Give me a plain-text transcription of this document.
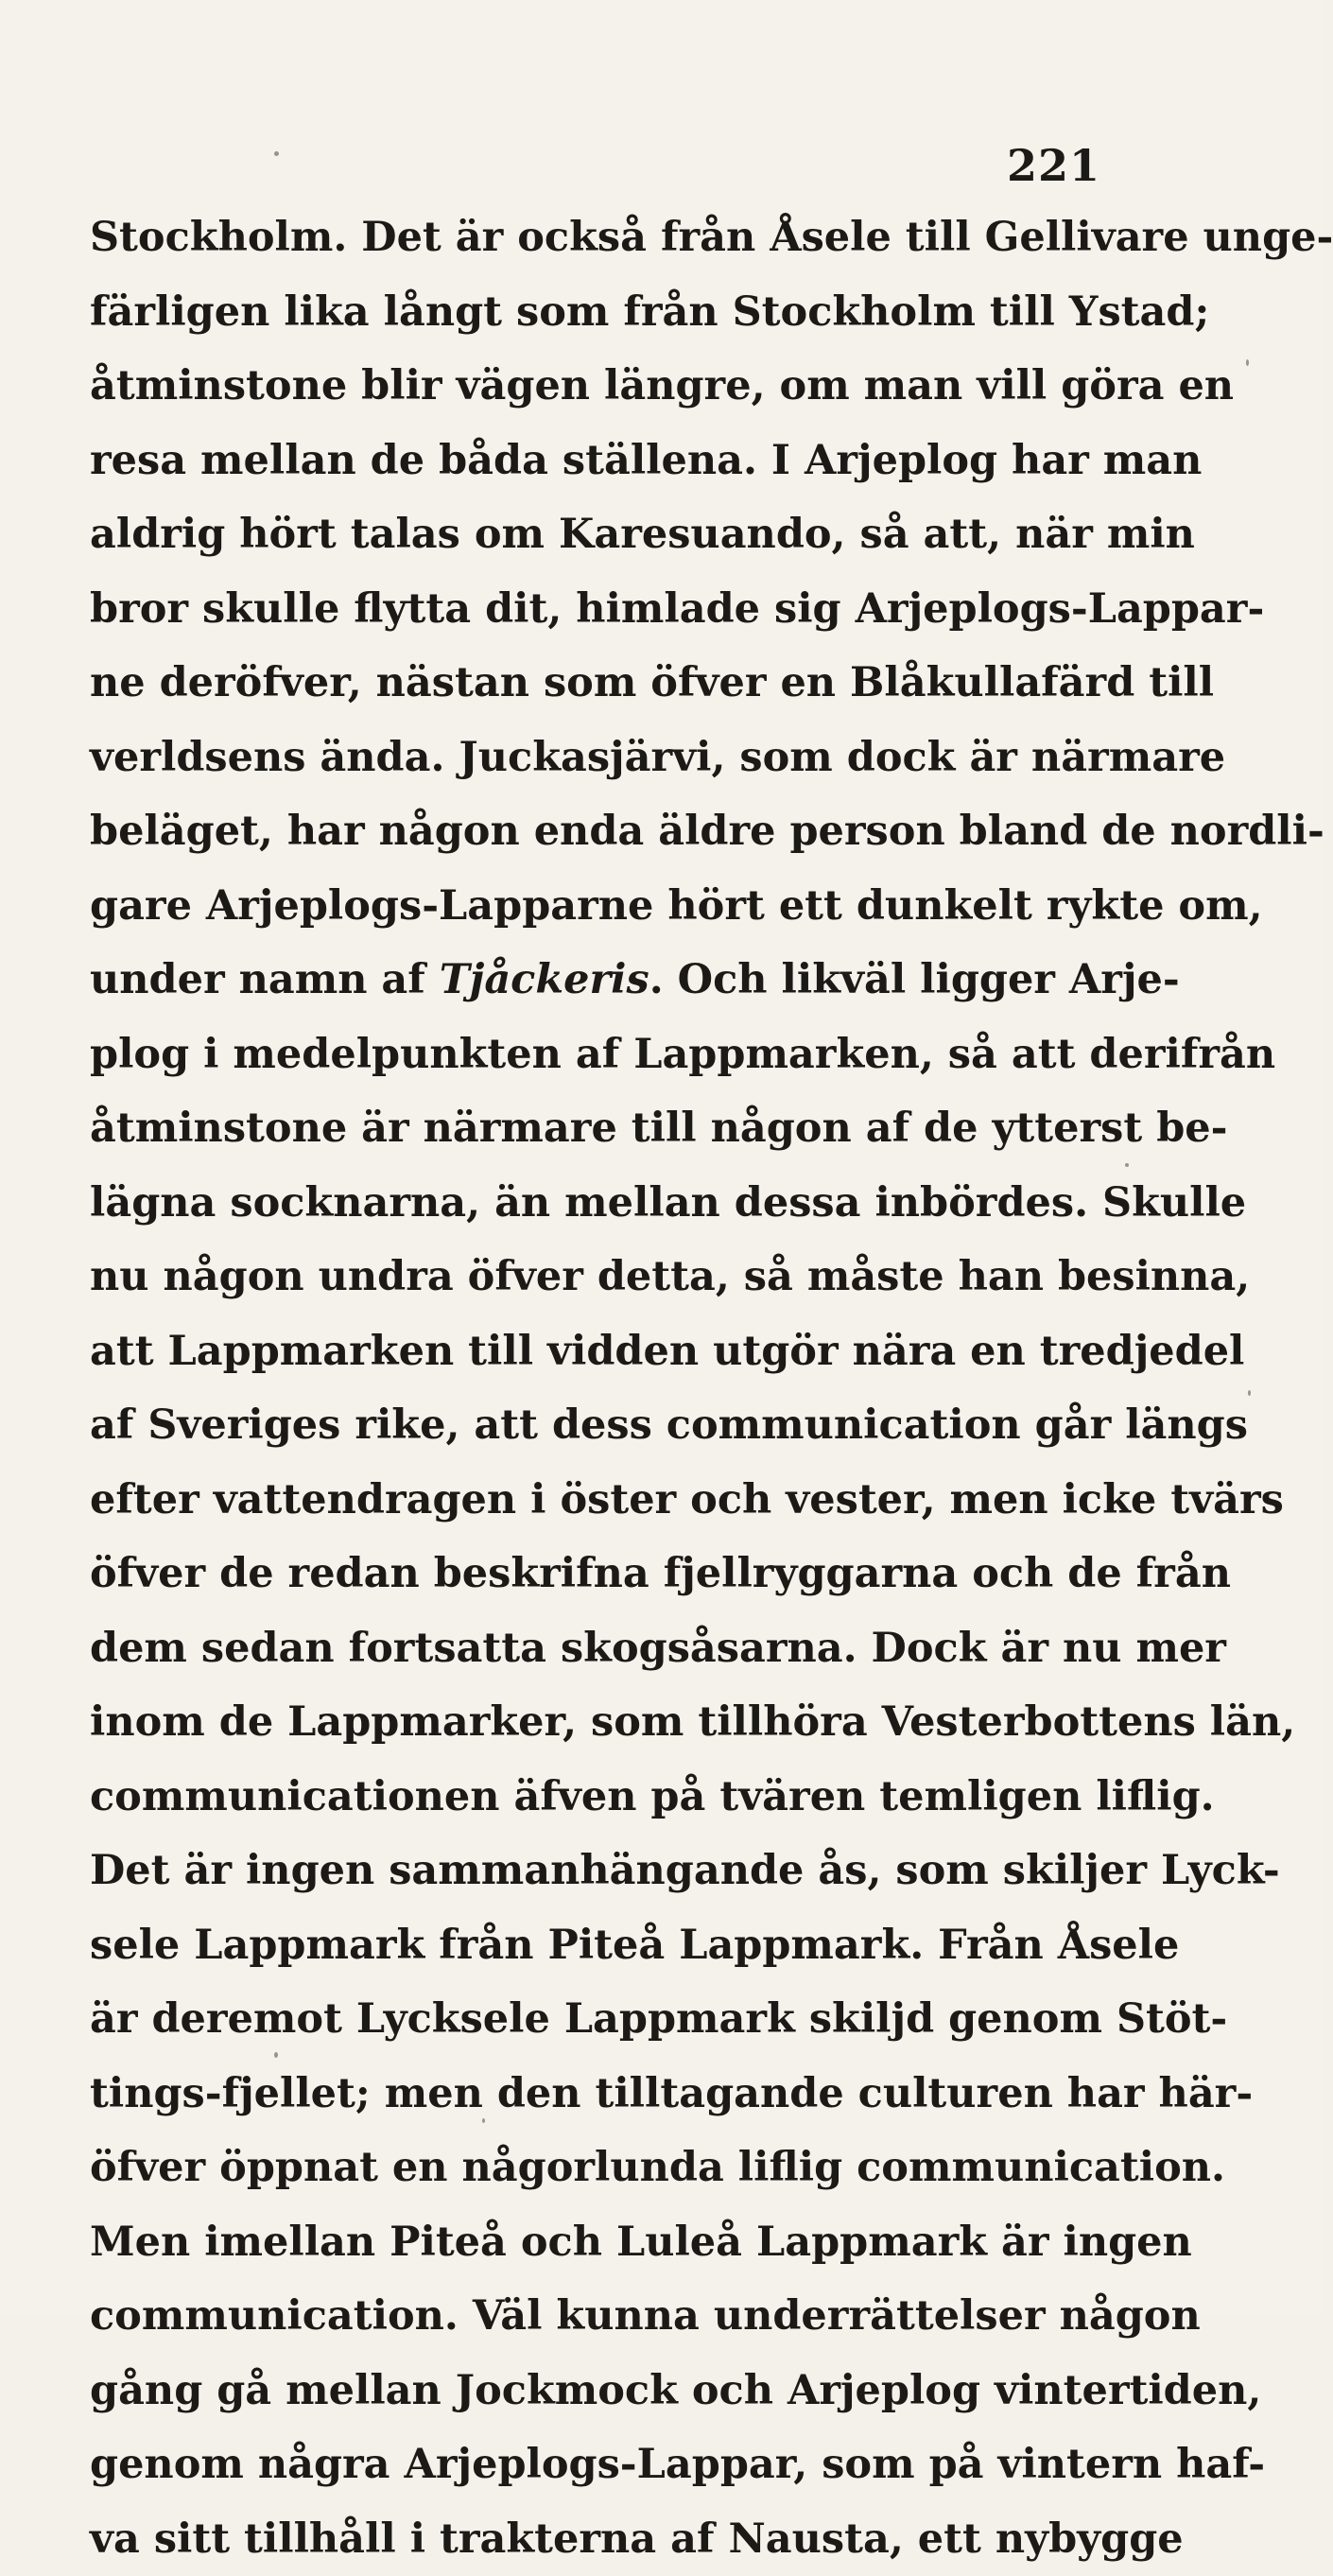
221
Stockholm. Det är också från Åsele till Gellivare unge-
färligen lika långt som från Stockholm till Ystad;
åtminstone blir vägen längre, om man vill göra en
resa mellan de båda ställena. I Arjeplog har man
aldrig hört talas om Karesuando, så att, när min
bror skulle flytta dit, himlade sig Arjeplogs-Lappar-
ne deröfver, nästan som öfver en Blåkullafärd till
verldsens ända. Juckasjärvi, som dock är närmare
beläget, har någon enda äldre person bland de nordli-
gare Arjeplogs-Lapparne hört ett dunkelt rykte om,
under namn af Tjåckeris. Och likväl ligger Arje-
plog i medelpunkten af Lappmarken, så att derifrån
åtminstone är närmare till någon af de ytterst be-
lägna socknarna, än mellan dessa inbördes. Skulle
nu någon undra öfver detta, så måste han besinna,
att Lappmarken till vidden utgör nära en tredjedel
af Sveriges rike, att dess communication går längs
efter vattendragen i öster och vester, men icke tvärs
öfver de redan beskrifna fjellryggarna och de från
dem sedan fortsatta skogsåsarna. Dock är nu mer
inom de Lappmarker, som tillhöra Vesterbottens län,
communicationen äfven på tvären temligen liflig.
Det är ingen sammanhängande ås, som skiljer Lyck-
sele Lappmark från Piteå Lappmark. Från Åsele
är deremot Lycksele Lappmark skiljd genom Stöt-
tings-fjellet; men den tilltagande culturen har här-
öfver öppnat en någorlunda liflig communication.
Men imellan Piteå och Luleå Lappmark är ingen
communication. Väl kunna underrättelser någon
gång gå mellan Jockmock och Arjeplog vintertiden,
genom några Arjeplogs-Lappar, som på vintern haf-
va sitt tillhåll i trakterna af Nausta, ett nybygge
